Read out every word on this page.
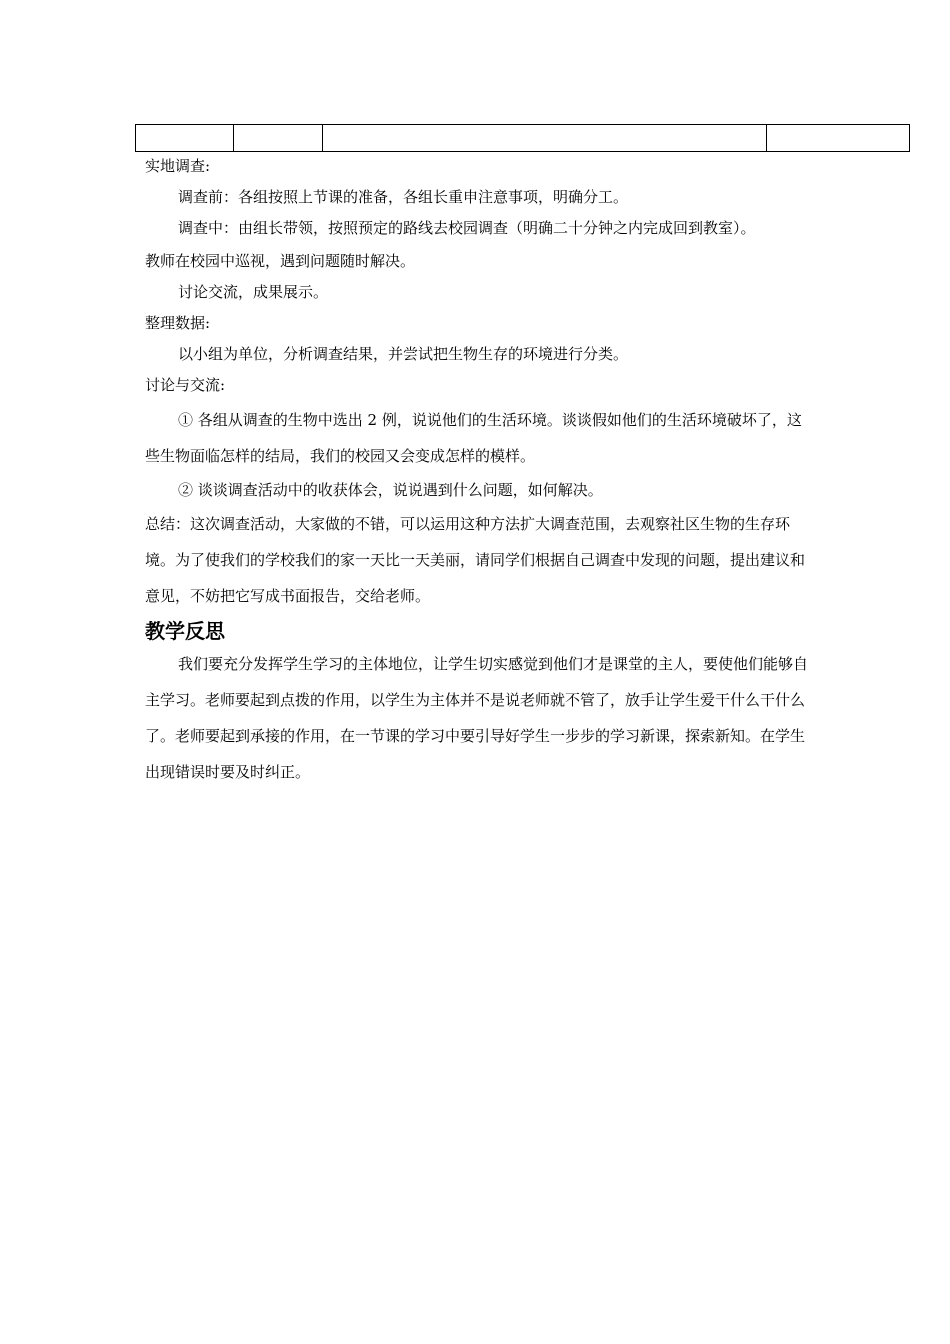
实地调查:

调查前：各组按照上节课的准备，各组长重申注意事项，明确分工。

调查中：由组长带领，按照预定的路线去校园调查（明确二十分钟之内完成回到教室）。

教师在校园中巡视，遇到问题随时解决。

讨论交流，成果展示。

整理数据:

以小组为单位，分析调查结果，并尝试把生物生存的环境进行分类。

讨论与交流:

① 各组从调查的生物中选出 2 例，说说他们的生活环境。谈谈假如他们的生活环境破坏了，这些生物面临怎样的结局，我们的校园又会变成怎样的模样。

② 谈谈调查活动中的收获体会，说说遇到什么问题，如何解决。

总结：这次调查活动，大家做的不错，可以运用这种方法扩大调查范围，去观察社区生物的生存环境。为了使我们的学校我们的家一天比一天美丽，请同学们根据自己调查中发现的问题，提出建议和意见，不妨把它写成书面报告，交给老师。

教学反思

我们要充分发挥学生学习的主体地位，让学生切实感觉到他们才是课堂的主人，要使他们能够自主学习。老师要起到点拨的作用，以学生为主体并不是说老师就不管了，放手让学生爱干什么干什么了。老师要起到承接的作用，在一节课的学习中要引导好学生一步步的学习新课，探索新知。在学生出现错误时要及时纠正。
